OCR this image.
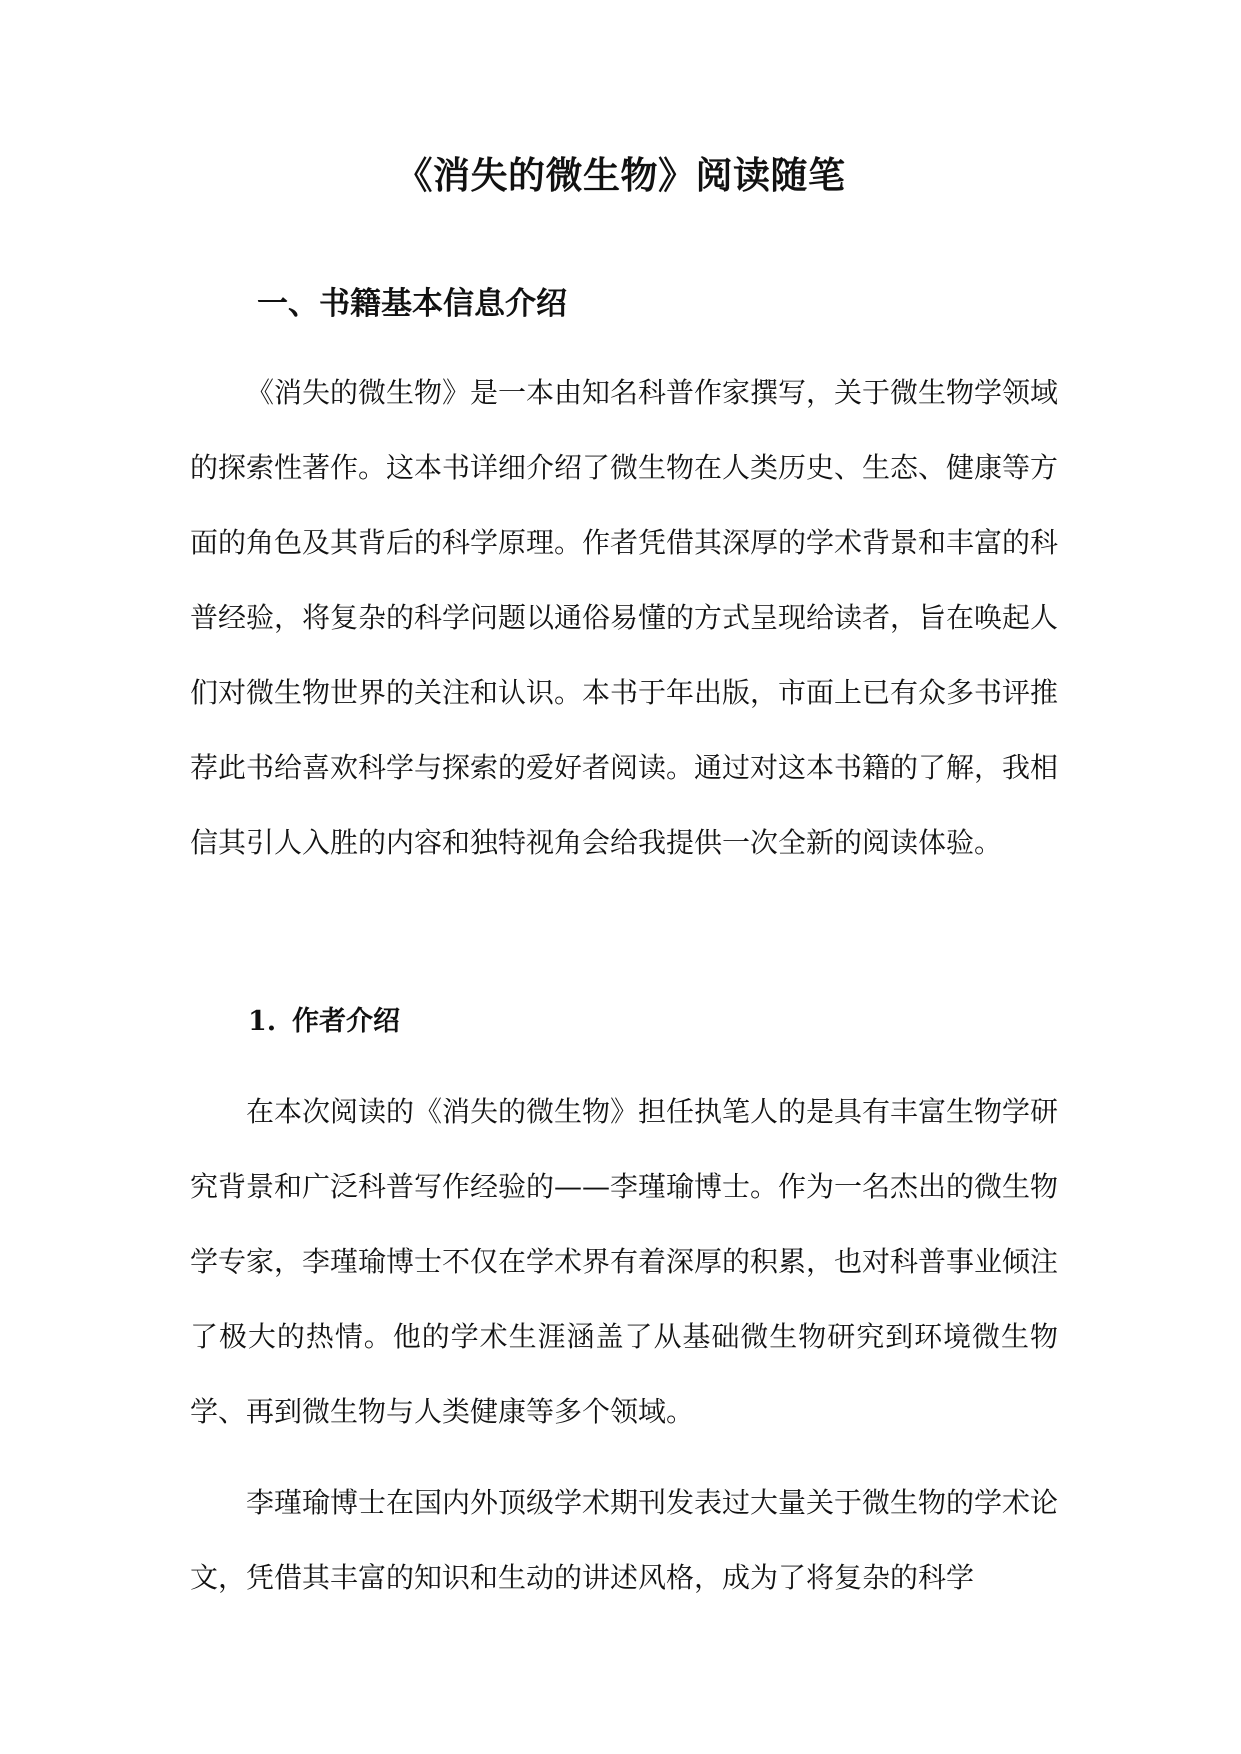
《消失的微生物》阅读随笔
一、书籍基本信息介绍

《消失的微生物》是一本由知名科普作家撰写，关于微生物学领域的探索性著作。这本书详细介绍了微生物在人类历史、生态、健康等方面的角色及其背后的科学原理。作者凭借其深厚的学术背景和丰富的科普经验，将复杂的科学问题以通俗易懂的方式呈现给读者，旨在唤起人们对微生物世界的关注和认识。本书于年出版，市面上已有众多书评推荐此书给喜欢科学与探索的爱好者阅读。通过对这本书籍的了解，我相信其引人入胜的内容和独特视角会给我提供一次全新的阅读体验。

1. 作者介绍

在本次阅读的《消失的微生物》担任执笔人的是具有丰富生物学研究背景和广泛科普写作经验的——李瑾瑜博士。作为一名杰出的微生物学专家，李瑾瑜博士不仅在学术界有着深厚的积累，也对科普事业倾注了极大的热情。他的学术生涯涵盖了从基础微生物研究到环境微生物学、再到微生物与人类健康等多个领域。

李瑾瑜博士在国内外顶级学术期刊发表过大量关于微生物的学术论文，凭借其丰富的知识和生动的讲述风格，成为了将复杂的科学
